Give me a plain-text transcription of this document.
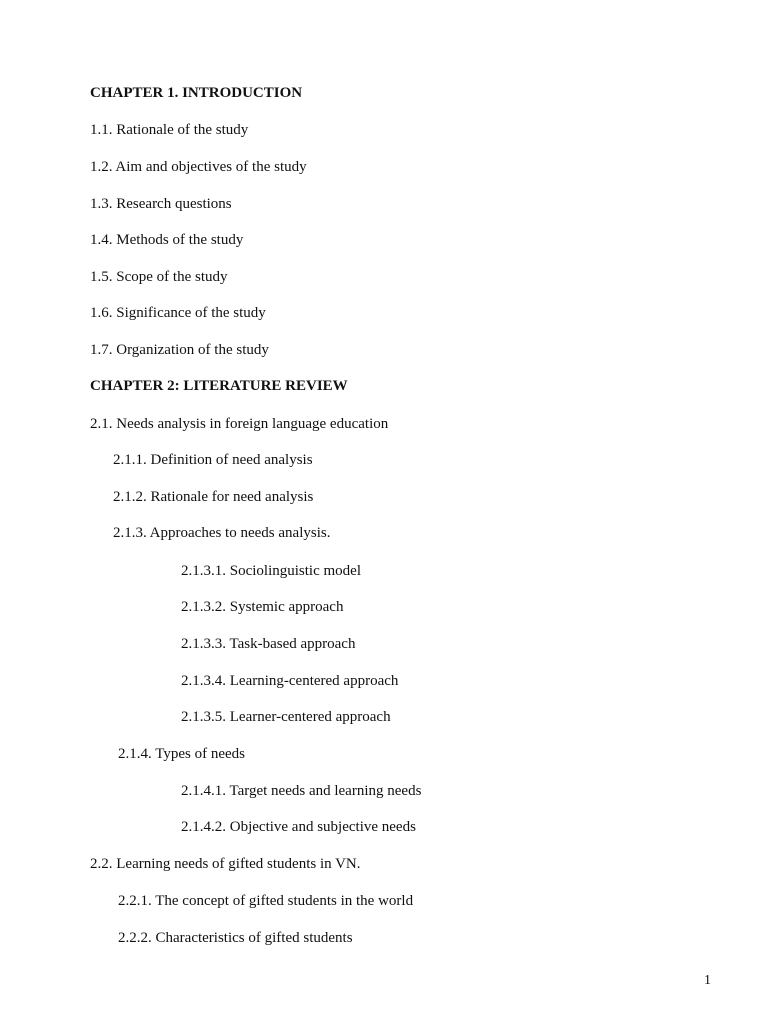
CHAPTER 1. INTRODUCTION
1.1. Rationale of the study
1.2. Aim and objectives of the study
1.3. Research questions
1.4. Methods of the study
1.5. Scope of the study
1.6. Significance of the study
1.7. Organization of the study
CHAPTER 2: LITERATURE REVIEW
2.1. Needs analysis in foreign language education
2.1.1. Definition of need analysis
2.1.2. Rationale for need analysis
2.1.3. Approaches to needs analysis.
2.1.3.1. Sociolinguistic model
2.1.3.2. Systemic approach
2.1.3.3. Task-based approach
2.1.3.4. Learning-centered approach
2.1.3.5. Learner-centered approach
2.1.4. Types of needs
2.1.4.1. Target needs and learning needs
2.1.4.2. Objective and subjective needs
2.2. Learning needs of gifted students in VN.
2.2.1. The concept of gifted students in the world
2.2.2. Characteristics of gifted students
1
